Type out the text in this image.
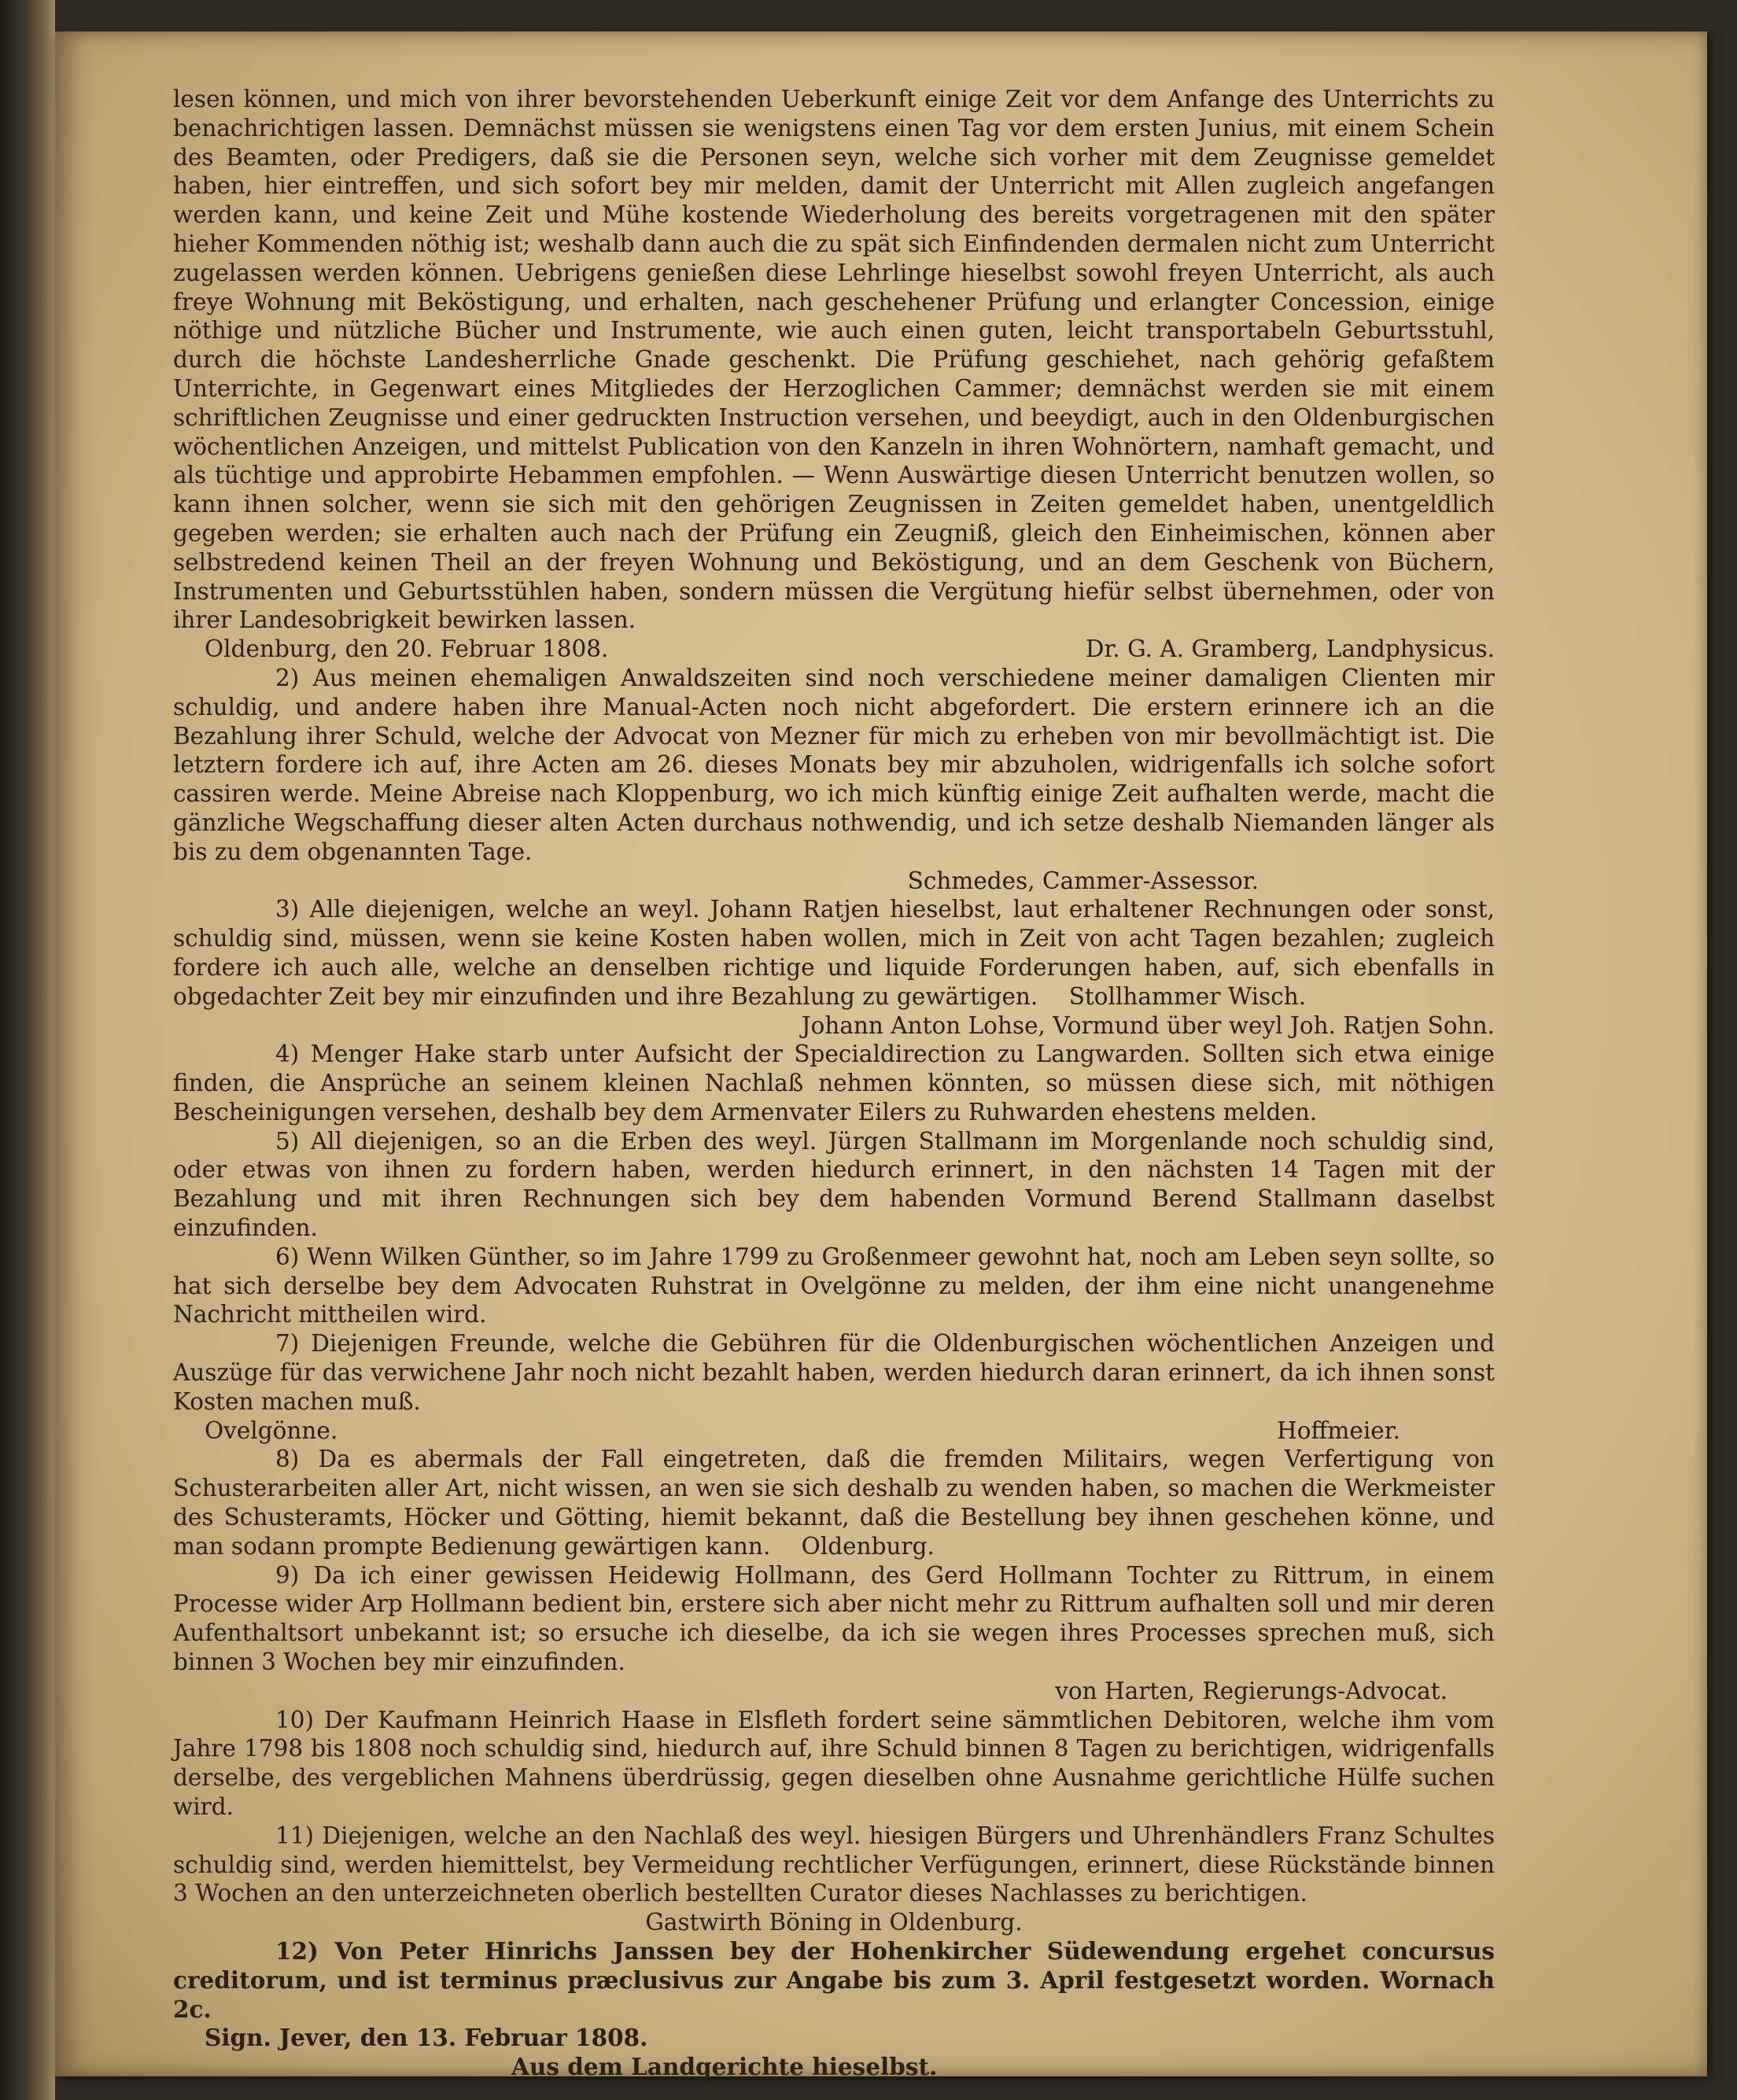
lesen können, und mich von ihrer bevorstehenden Ueberkunft einige Zeit vor dem Anfange des Unterrichts zu benachrichtigen lassen. Demnächst müssen sie wenigstens einen Tag vor dem ersten Junius, mit einem Schein des Beamten, oder Predigers, daß sie die Personen seyn, welche sich vorher mit dem Zeugnisse gemeldet haben, hier eintreffen, und sich sofort bey mir melden, damit der Unterricht mit Allen zugleich angefangen werden kann, und keine Zeit und Mühe kostende Wiederholung des bereits vorgetragenen mit den später hieher Kommenden nöthig ist; weshalb dann auch die zu spät sich Einfindenden dermalen nicht zum Unterricht zugelassen werden können. Uebrigens genießen diese Lehrlinge hieselbst sowohl freyen Unterricht, als auch freye Wohnung mit Beköstigung, und erhalten, nach geschehener Prüfung und erlangter Concession, einige nöthige und nützliche Bücher und Instrumente, wie auch einen guten, leicht transportabeln Geburtsstuhl, durch die höchste Landesherrliche Gnade geschenkt. Die Prüfung geschiehet, nach gehörig gefaßtem Unterrichte, in Gegenwart eines Mitgliedes der Herzoglichen Cammer; demnächst werden sie mit einem schriftlichen Zeugnisse und einer gedruckten Instruction versehen, und beeydigt, auch in den Oldenburgischen wöchentlichen Anzeigen, und mittelst Publication von den Kanzeln in ihren Wohnörtern, namhaft gemacht, und als tüchtige und approbirte Hebammen empfohlen. — Wenn Auswärtige diesen Unterricht benutzen wollen, so kann ihnen solcher, wenn sie sich mit den gehörigen Zeugnissen in Zeiten gemeldet haben, unentgeldlich gegeben werden; sie erhalten auch nach der Prüfung ein Zeugniß, gleich den Einheimischen, können aber selbstredend keinen Theil an der freyen Wohnung und Beköstigung, und an dem Geschenk von Büchern, Instrumenten und Geburtsstühlen haben, sondern müssen die Vergütung hiefür selbst übernehmen, oder von ihrer Landesobrigkeit bewirken lassen.

Oldenburg, den 20. Februar 1808.	Dr. G. A. Gramberg, Landphysicus.

2) Aus meinen ehemaligen Anwaldszeiten sind noch verschiedene meiner damaligen Clienten mir schuldig, und andere haben ihre Manual-Acten noch nicht abgefordert. Die erstern erinnere ich an die Bezahlung ihrer Schuld, welche der Advocat von Mezner für mich zu erheben von mir bevollmächtigt ist. Die letztern fordere ich auf, ihre Acten am 26. dieses Monats bey mir abzuholen, widrigenfalls ich solche sofort cassiren werde. Meine Abreise nach Kloppenburg, wo ich mich künftig einige Zeit aufhalten werde, macht die gänzliche Wegschaffung dieser alten Acten durchaus nothwendig, und ich setze deshalb Niemanden länger als bis zu dem obgenannten Tage.

Schmedes, Cammer-Assessor.

3) Alle diejenigen, welche an weyl. Johann Ratjen hieselbst, laut erhaltener Rechnungen oder sonst, schuldig sind, müssen, wenn sie keine Kosten haben wollen, mich in Zeit von acht Tagen bezahlen; zugleich fordere ich auch alle, welche an denselben richtige und liquide Forderungen haben, auf, sich ebenfalls in obgedachter Zeit bey mir einzufinden und ihre Bezahlung zu gewärtigen. Stollhammer Wisch.

Johann Anton Lohse, Vormund über weyl Joh. Ratjen Sohn.

4) Menger Hake starb unter Aufsicht der Specialdirection zu Langwarden. Sollten sich etwa einige finden, die Ansprüche an seinem kleinen Nachlaß nehmen könnten, so müssen diese sich, mit nöthigen Bescheinigungen versehen, deshalb bey dem Armenvater Eilers zu Ruhwarden ehestens melden.

5) All diejenigen, so an die Erben des weyl. Jürgen Stallmann im Morgenlande noch schuldig sind, oder etwas von ihnen zu fordern haben, werden hiedurch erinnert, in den nächsten 14 Tagen mit der Bezahlung und mit ihren Rechnungen sich bey dem habenden Vormund Berend Stallmann daselbst einzufinden.

6) Wenn Wilken Günther, so im Jahre 1799 zu Großenmeer gewohnt hat, noch am Leben seyn sollte, so hat sich derselbe bey dem Advocaten Ruhstrat in Ovelgönne zu melden, der ihm eine nicht unangenehme Nachricht mittheilen wird.

7) Diejenigen Freunde, welche die Gebühren für die Oldenburgischen wöchentlichen Anzeigen und Auszüge für das verwichene Jahr noch nicht bezahlt haben, werden hiedurch daran erinnert, da ich ihnen sonst Kosten machen muß.

Ovelgönne.	Hoffmeier.

8) Da es abermals der Fall eingetreten, daß die fremden Militairs, wegen Verfertigung von Schusterarbeiten aller Art, nicht wissen, an wen sie sich deshalb zu wenden haben, so machen die Werkmeister des Schusteramts, Höcker und Götting, hiemit bekannt, daß die Bestellung bey ihnen geschehen könne, und man sodann prompte Bedienung gewärtigen kann. Oldenburg.

9) Da ich einer gewissen Heidewig Hollmann, des Gerd Hollmann Tochter zu Rittrum, in einem Processe wider Arp Hollmann bedient bin, erstere sich aber nicht mehr zu Rittrum aufhalten soll und mir deren Aufenthaltsort unbekannt ist; so ersuche ich dieselbe, da ich sie wegen ihres Processes sprechen muß, sich binnen 3 Wochen bey mir einzufinden.

von Harten, Regierungs-Advocat.

10) Der Kaufmann Heinrich Haase in Elsfleth fordert seine sämmtlichen Debitoren, welche ihm vom Jahre 1798 bis 1808 noch schuldig sind, hiedurch auf, ihre Schuld binnen 8 Tagen zu berichtigen, widrigenfalls derselbe, des vergeblichen Mahnens überdrüssig, gegen dieselben ohne Ausnahme gerichtliche Hülfe suchen wird.

11) Diejenigen, welche an den Nachlaß des weyl. hiesigen Bürgers und Uhrenhändlers Franz Schultes schuldig sind, werden hiemittelst, bey Vermeidung rechtlicher Verfügungen, erinnert, diese Rückstände binnen 3 Wochen an den unterzeichneten oberlich bestellten Curator dieses Nachlasses zu berichtigen.

Gastwirth Böning in Oldenburg.

12) Von Peter Hinrichs Janssen bey der Hohenkircher Südewendung ergehet concursus creditorum, und ist terminus præclusivus zur Angabe bis zum 3. April festgesetzt worden. Wornach 2c.

Sign. Jever, den 13. Februar 1808.

Aus dem Landgerichte hieselbst.
